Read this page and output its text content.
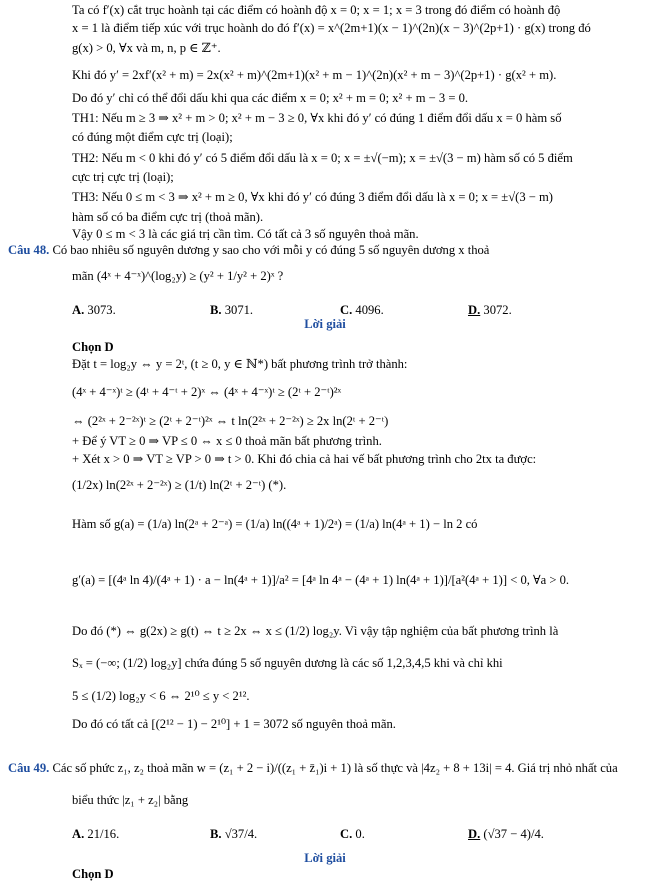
Ta có f′(x) cắt trục hoành tại các điểm có hoành độ x = 0; x = 1; x = 3 trong đó điểm có hoành độ
x = 1 là điểm tiếp xúc với trục hoành do đó f′(x) = x^(2m+1)(x − 1)^(2n)(x − 3)^(2p+1) · g(x) trong đó
g(x) > 0, ∀x và m, n, p ∈ ℤ⁺.
Khi đó y′ = 2xf′(x² + m) = 2x(x² + m)^(2m+1)(x² + m − 1)^(2n)(x² + m − 3)^(2p+1) · g(x² + m).
Do đó y′ chỉ có thể đổi dấu khi qua các điểm x = 0; x² + m = 0; x² + m − 3 = 0.
TH1: Nếu m ≥ 3 ⇒ x² + m > 0; x² + m − 3 ≥ 0, ∀x khi đó y′ có đúng 1 điểm đổi dấu x = 0 hàm số
có đúng một điểm cực trị (loại);
TH2: Nếu m < 0 khi đó y′ có 5 điểm đổi dấu là x = 0; x = ±√(−m); x = ±√(3 − m) hàm số có 5 điểm
cực trị cực trị (loại);
TH3: Nếu 0 ≤ m < 3 ⇒ x² + m ≥ 0, ∀x khi đó y′ có đúng 3 điểm đổi dấu là x = 0; x = ±√(3 − m)
hàm số có ba điểm cực trị (thoả mãn).
Vậy 0 ≤ m < 3 là các giá trị cần tìm. Có tất cả 3 số nguyên thoả mãn.
Câu 48. Có bao nhiêu số nguyên dương y sao cho với mỗi y có đúng 5 số nguyên dương x thoả
mãn (4ˣ + 4⁻ˣ)^(log₂y) ≥ (y² + 1/y² + 2)ˣ ?
A. 3073.	B. 3071.	C. 4096.	D. 3072.
Lời giải
Chọn D
Đặt t = log₂y ⇔ y = 2ᵗ, (t ≥ 0, y ∈ ℕ*) bất phương trình trở thành:
(4ˣ + 4⁻ˣ)ᵗ ≥ (4ᵗ + 4⁻ᵗ + 2)ˣ ⇔ (4ˣ + 4⁻ˣ)ᵗ ≥ (2ᵗ + 2⁻ᵗ)²ˣ
⇔ (2²ˣ + 2⁻²ˣ)ᵗ ≥ (2ᵗ + 2⁻ᵗ)²ˣ ⇔ t ln(2²ˣ + 2⁻²ˣ) ≥ 2x ln(2ᵗ + 2⁻ᵗ)
+ Để ý VT ≥ 0 ⇒ VP ≤ 0 ⇔ x ≤ 0 thoả mãn bất phương trình.
+ Xét x > 0 ⇒ VT ≥ VP > 0 ⇒ t > 0. Khi đó chia cả hai vế bất phương trình cho 2tx ta được:
(1/2x) ln(2²ˣ + 2⁻²ˣ) ≥ (1/t) ln(2ᵗ + 2⁻ᵗ) (*).
Hàm số g(a) = (1/a) ln(2ᵃ + 2⁻ᵃ) = (1/a) ln((4ᵃ + 1)/2ᵃ) = (1/a) ln(4ᵃ + 1) − ln 2 có
g′(a) = [(4ᵃ ln 4)/(4ᵃ + 1) · a − ln(4ᵃ + 1)]/a² = [4ᵃ ln 4ᵃ − (4ᵃ + 1) ln(4ᵃ + 1)]/[a²(4ᵃ + 1)] < 0, ∀a > 0.
Do đó (*) ⇔ g(2x) ≥ g(t) ⇔ t ≥ 2x ⇔ x ≤ (1/2) log₂y. Vì vậy tập nghiệm của bất phương trình là
Sₓ = (−∞; (1/2) log₂y] chứa đúng 5 số nguyên dương là các số 1,2,3,4,5 khi và chỉ khi
5 ≤ (1/2) log₂y < 6 ⇔ 2¹⁰ ≤ y < 2¹².
Do đó có tất cả [(2¹² − 1) − 2¹⁰] + 1 = 3072 số nguyên thoả mãn.
Câu 49. Các số phức z₁, z₂ thoả mãn w = (z₁ + 2 − i)/((z₁ + z̄₁)i + 1) là số thực và |4z₂ + 8 + 13i| = 4. Giá trị nhỏ nhất của
biểu thức |z₁ + z₂| bằng
A. 21/16.	B. √37/4.	C. 0.	D. (√37 − 4)/4.
Lời giải
Chọn D
